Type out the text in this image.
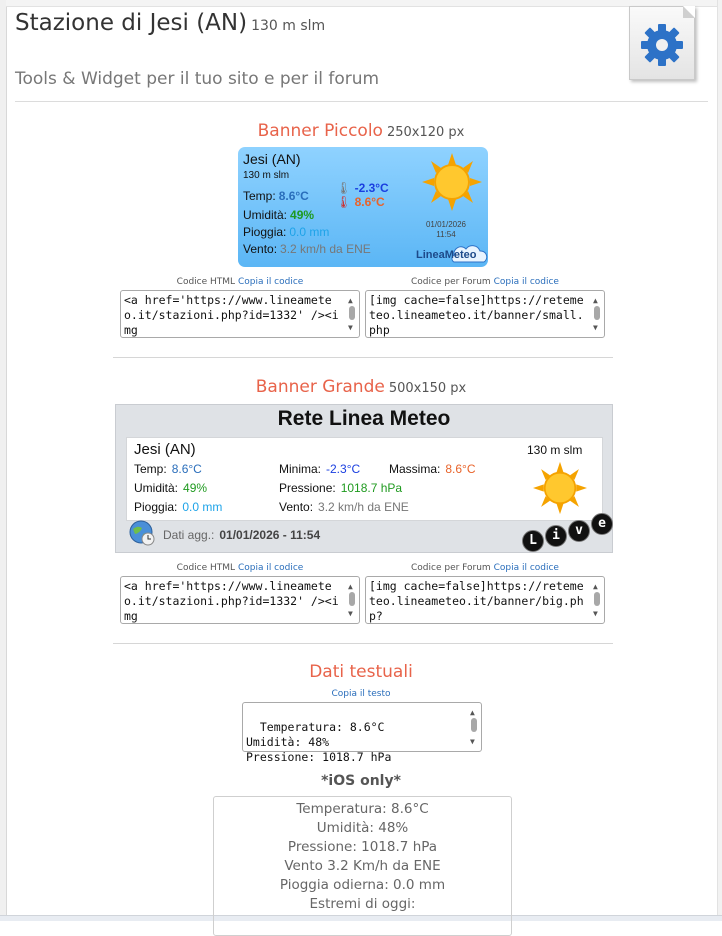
Stazione di Jesi (AN) 130 m slm
Tools & Widget per il tuo sito e per il forum
Banner Piccolo 250x120 px
Jesi (AN)
130 m slm
Temp: 8.6°C
🌡︎ -2.3°C
🌡︎ 8.6°C
Umidità: 49%
Pioggia: 0.0 mm
Vento: 3.2 km/h da ENE
01/01/2026
11:54
LineaMeteo
Codice HTML Copia il codice	Codice per Forum Copia il codice
<a href='https://www.lineameteo.it/stazioni.php?id=1332' /><img
▲
▼
[img cache=false]https://retemeteo.lineameteo.it/banner/small.php
▲
▼
Banner Grande 500x150 px
Rete Linea Meteo
Jesi (AN)	130 m slm
Temp: 8.6°C	Minima: -2.3°C Massima: 8.6°C
Umidità: 49%	Pressione: 1018.7 hPa
Pioggia: 0.0 mm	Vento: 3.2 km/h da ENE
Dati agg.: 01/01/2026 - 11:54	L	i	v	e
Codice HTML Copia il codice	Codice per Forum Copia il codice
<a href='https://www.lineameteo.it/stazioni.php?id=1332' /><img
▲
▼
[img cache=false]https://retemeteo.lineameteo.it/banner/big.php?
▲
▼
Dati testuali
Copia il testo

Temperatura: 8.6°C
Umidità: 48%
Pressione: 1018.7 hPa

▲

▼

*iOS only*
Temperatura: 8.6°C
Umidità: 48%
Pressione: 1018.7 hPa
Vento 3.2 Km/h da ENE
Pioggia odierna: 0.0 mm
Estremi di oggi:
